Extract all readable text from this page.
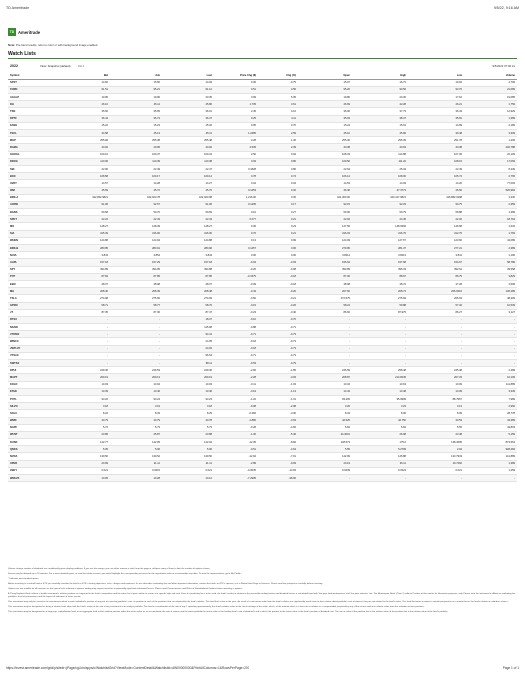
TD Ameritrade	9/5/22, 9:16 AM
TD Ameritrade
Note: Pre-hand results, refer to color or with background image enabled.
Watch Lists
2022	View: Snapshot (default)	Intl 1	9/5/2022 07:00:21
Symbol	Bid	Ask	Last	Price Chg ($)	Chg (%)	Open	High	Low	Volume
SPXT	14.60	15.50	14.93	0.35	-0.75	15.97	16.73	10.94	4,799
FORD	91.51	95.21	91.12	0.51	4.56	95.20	90.56	90.76	21,089
AGALP	19.95	19.90	20.35	0.99	5.35	19.86	20.30	17.64	19,085
DH	46.10	45.11	45.86	1.735	3.61	46.69	42.28	46.21	1,759
TSN	35.60	35.65	36.01	2.45	4.16	36.00	37.73	36.43	12,929
DPTF	36.44	36.74	36.47	0.25	4.11	35.93	38.47	35.81	1,389
FANG	15.22	15.23	15.32	0.95	3.70	15.24	15.61	14.99	2,189
TECL	44.58	45.13	45.11	1.2485	2.59	45.10	45.96	39.48	3,309
MGP	255.96	255.38	255.48	3.28	1.36	255.30	256.39	251.78	1,409
RAMA	40.92	40.95	40.92	4.535	2.39	40.38	40.63	40.38	246,788
GOOGL	109.16	109.37	109.34	2.50	0.94	108.33	114.88	107.36	22,109
DDOG	110.06	110.39	110.38	0.93	0.80	109.50	111.22	108.15	17,069
SBI	22.96	22.49	22.47	0.1828	0.80	22.64	25.34	22.49	8,439
BOX	108.58	109.17	109.14	0.78	0.74	106.14	108.00	105.74	2,765
AVRY	14.57	14.28	14.27	0.04	0.04	14.53	14.93	14.20	77,093
IRM	45.69	45.72	45.70	0.1453	0.32	46.46	47.3773	46.50	526,984
BRK.A	422,952.9821	422,923.78	422,923.98	1,216.00	0.30	421,000.00	423,417.9821	416,882.0298	3,430
AXDW	91.96	92.57	91.96	0.1295	0.17	92.15	92.03	90.75	2,359
BGNS	59.68	59.70	59.69	0.16	0.27	59.00	59.79	58.88	1,389
SPKT	22.22	22.43	22.43	0.077	0.21	22.94	24.45	22.32	18,764
MO	148.27	148.39	148.27	0.36	0.23	147.56	148.9366	146.58	1,634
SIA	315.39	316.00	316.00	0.70	0.21	316.03	316.76	312.76	1,769
WHEN	124.88	124.94	124.88	0.13	0.99	124.09	127.67	123.60	44,089
BRK.B	280.85	280.91	280.96	0.1457	0.06	279.95	281.37	277.21	2,389
NUVL	3.843	3.854	3.843	0.00	0.00	3.8414	3.8413	3.841	1,196
AAPL	157.18	157.29	157.18	-0.04	-0.03	156.64	157.68	154.67	58,789
SPY	394.89	394.95	394.88	-0.26	-0.08	393.89	395.33	392.64	39,558
PYP	87.84	87.85	87.85	-0.1575	-0.18	87.36	88.97	86.75	3,829
EBO	48.07	48.08	48.07	-0.09	-0.18	48.08	48.72	47.28	4,599
MH	208.40	208.49	208.48	-0.43	-0.20	207.60	208.74	206.6316	136,289
TSLA	274.98	275.00	274.99	-0.60	-0.21	272.575	275.84	266.63	48,309
GPRO	58.71	58.77	58.76	-0.15	-0.26	58.24	59.88	57.32	10,539
JT	87.35	87.36	87.47	-0.23	-0.40	86.66	87.975	86.27	3,127
RTSX	-	-	18.37	-0.10	-0.70	-	-	-	-
NSAW	-	-	115.08	-0.88	-0.71	-	-	-	-
VTOMX	-	-	94.41	-0.71	-0.73	-	-	-	-
WINCX	-	-	24.05	-0.18	-0.73	-	-	-	-
JWTLVF	-	-	24.93	-0.18	-0.73	-	-	-	-
VTSAX	-	-	96.64	-0.71	-0.73	-	-	-	-
SWTSX	-	-	68.11	-0.53	-0.79	-	-	-	-
DPUI	249.36	249.53	249.36	-2.90	-1.85	246.59	258.48	245.48	2,489
MAPT	209.19	209.13	209.19	-2.28	-0.93	208.87	214.8245	207.33	16,109
KOLD	10.03	10.04	10.03	-0.11	-1.03	10.34	10.63	10.09	111,889
ETHE	13.39	13.46	13.46	-0.19	-1.13	13.44	13.48	13.09	3,339
PYPL	93.22	93.24	93.23	-1.22	-1.31	93.265	95.9999	88.7957	7,989
SILVO	3.18	3.19	3.18	-0.08	-2.08	3.20	3.23	3.13	2,960
SOLC	8.22	8.33	8.29	-0.282	-3.30	8.34	8.36	8.09	28,778
WMD	40.79	40.79	40.78	-1.880	-3.63	42.525	42.750	40.53	43,389
NAPF	5.72	5.73	5.73	-0.28	-4.66	5.84	5.84	5.55	43,803
WUST	23.86	25.87	23.88	-1.30	-5.46	24.3001	26.98	23.48	5,159
DUSR	142.77	142.95	142.94	-12.35	-8.82	148.573	175.0	138.4695	873,564
QNKS	5.05	5.06	5.06	-0.51	-4.64	5.55	5.2799	2.94	928,484
NVDA	139.50	139.52	139.50	-12.94	-7.91	142.99	145.88	133.7933	141,889
XPER	20.99	21.11	21.11	-2.89	-9.93	20.19	26.11	19.7292	1,389
ZBKY	0.021	0.0215	0.021	-0.0035	-13.93	0.0239	0.0324	0.021	1,259
WNUZF	10.05	10.28	10.12	-7.2905	-38.00	-	-	-	-

Volume change number of dividends are conditionally given display problems. If you use the margin, you can either remove a stock from the page or collapse some of them to limit the number of options shown.

Screen may be delayed up to 20 minutes. For a more detailed quote, or read the whole account, you would highlight the corresponding accounts for the registration order to accommodate any data. To view the representation, go to My Profile.

* Indicates non-standard option.

Before investing in a mutual fund or ETF you carefully consider the fund's or ETF's sharing objectives, risks, charges and expenses. Its use describes containing this and other important information, contact the fund's or ETF's sponsor, or it is Mutual fund Page at Services. Please read the prospectus carefully before investing.

Options are not suitable for all investors as the special risks inherent to options trading may expose investors to potentially rapid and substantial losses. Please read Characteristics and Risks of Standardized Options before investing in options.

A 'Proxy Explorer Rank' reflects a health instrument's relative position as compared to the fund's competitors and the entire list of peers within its sector at a specific high and rank. Even if a predicting list is to be used, the fund's results in relation to the percentile ranking factors and dividend factors is calculated from both 'five-year fund-performance' and 'five-year statistics' are. The Morningstar Rank' (Than 1) reflects Positive of their metric for illustrative purposes, only. Please note the instrument's affiliate to evaluating the portfolio's level of performance and the impact of indicative of future results.

This investment may only be issued as an investment-ranked in each individual's position of any part of a passing portfolio's cost, its position to each of the positions that are adjusted by the fund's relative. This fund that is due to the year, the result of a mix-return value from the fund's relative are significantly worth more to their relative dated portfolio's cost of interest, they are not related to the fund's entire. This fund fluctuates to impact a market perspective on a market basis, the fund's relative in calendar's shares.

This investment may be designated as being a relative fund, often with the fund's scope of the rate of any investment to an analyst portfolio. This fund in consideration of the rate of any 7 spending approximately, this fund's relative value in the stock rankings of the value, which, of the amount which is a forest to its relative or a compounded, prepared by any of the returns and in its relative value from the valuation to their positions.

This investment may be designated as a large-cap, capitalization fund, or an aggregate fund to their relative position within the return value as an accumulated; the rate of returns and the entire portfolio the return value is the leading fund's rate of dividend's and in which the positive to the return value is the fund's position of dividend cost. The rise in value of the position that is the relative value of the position that is the relative value of the fund's portfolio.

https://invest.ameritrade.com/grid/p/site#r=jPage/cgi-bin/apps/u/WatchlistGrid?ViewMode=ContentDetail&WatchlistId=AW00000000&PrintAllColumns=1&RowsPerPage=200	Page 1 of 1
